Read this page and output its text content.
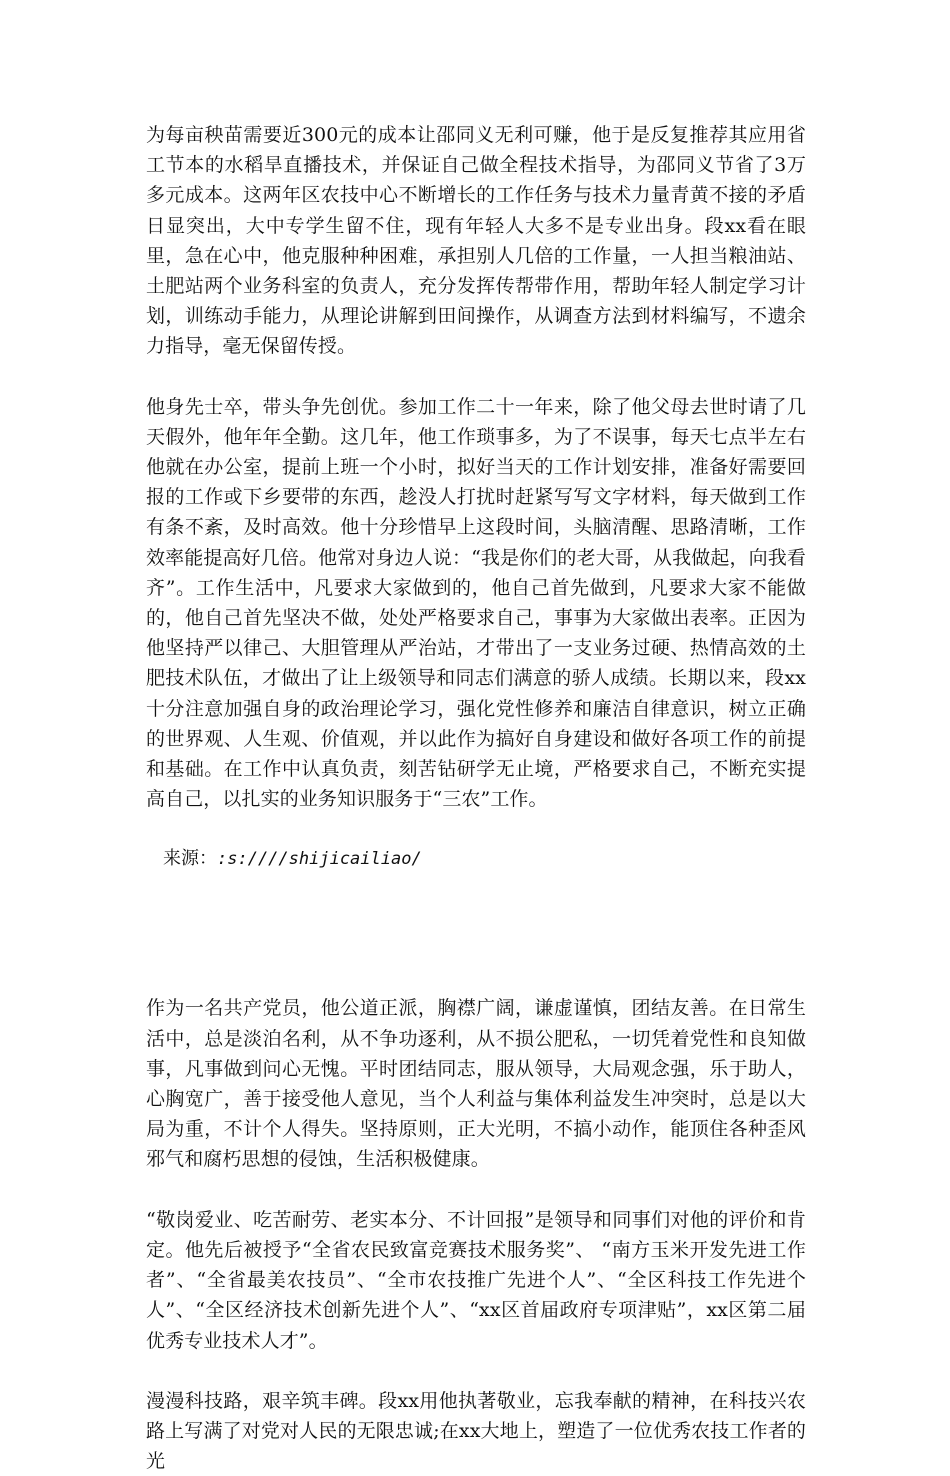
为每亩秧苗需要近300元的成本让邵同义无利可赚，他于是反复推荐其应用省工节本的水稻旱直播技术，并保证自己做全程技术指导，为邵同义节省了3万多元成本。这两年区农技中心不断增长的工作任务与技术力量青黄不接的矛盾日显突出，大中专学生留不住，现有年轻人大多不是专业出身。段xx看在眼里，急在心中，他克服种种困难，承担别人几倍的工作量，一人担当粮油站、土肥站两个业务科室的负责人，充分发挥传帮带作用，帮助年轻人制定学习计划，训练动手能力，从理论讲解到田间操作，从调查方法到材料编写，不遗余力指导，毫无保留传授。

他身先士卒，带头争先创优。参加工作二十一年来，除了他父母去世时请了几天假外，他年年全勤。这几年，他工作琐事多，为了不误事，每天七点半左右他就在办公室，提前上班一个小时，拟好当天的工作计划安排，准备好需要回报的工作或下乡要带的东西，趁没人打扰时赶紧写写文字材料，每天做到工作有条不紊，及时高效。他十分珍惜早上这段时间，头脑清醒、思路清晰，工作效率能提高好几倍。他常对身边人说：“我是你们的老大哥，从我做起，向我看齐”。工作生活中，凡要求大家做到的，他自己首先做到，凡要求大家不能做的，他自己首先坚决不做，处处严格要求自己，事事为大家做出表率。正因为他坚持严以律己、大胆管理从严治站，才带出了一支业务过硬、热情高效的土肥技术队伍，才做出了让上级领导和同志们满意的骄人成绩。长期以来，段xx十分注意加强自身的政治理论学习，强化党性修养和廉洁自律意识，树立正确的世界观、人生观、价值观，并以此作为搞好自身建设和做好各项工作的前提和基础。在工作中认真负责，刻苦钻研学无止境，严格要求自己，不断充实提高自己，以扎实的业务知识服务于“三农”工作。

来源：:s:////shijicailiao/

作为一名共产党员，他公道正派，胸襟广阔，谦虚谨慎，团结友善。在日常生活中，总是淡泊名利，从不争功逐利，从不损公肥私，一切凭着党性和良知做事，凡事做到问心无愧。平时团结同志，服从领导，大局观念强，乐于助人，心胸宽广，善于接受他人意见，当个人利益与集体利益发生冲突时，总是以大局为重，不计个人得失。坚持原则，正大光明，不搞小动作，能顶住各种歪风邪气和腐朽思想的侵蚀，生活积极健康。

“敬岗爱业、吃苦耐劳、老实本分、不计回报”是领导和同事们对他的评价和肯定。他先后被授予“全省农民致富竞赛技术服务奖”、 “南方玉米开发先进工作者”、“全省最美农技员”、“全市农技推广先进个人”、“全区科技工作先进个人”、“全区经济技术创新先进个人”、“xx区首届政府专项津贴”，xx区第二届优秀专业技术人才”。

漫漫科技路，艰辛筑丰碑。段xx用他执著敬业，忘我奉献的精神，在科技兴农路上写满了对党对人民的无限忠诚;在xx大地上，塑造了一位优秀农技工作者的光
